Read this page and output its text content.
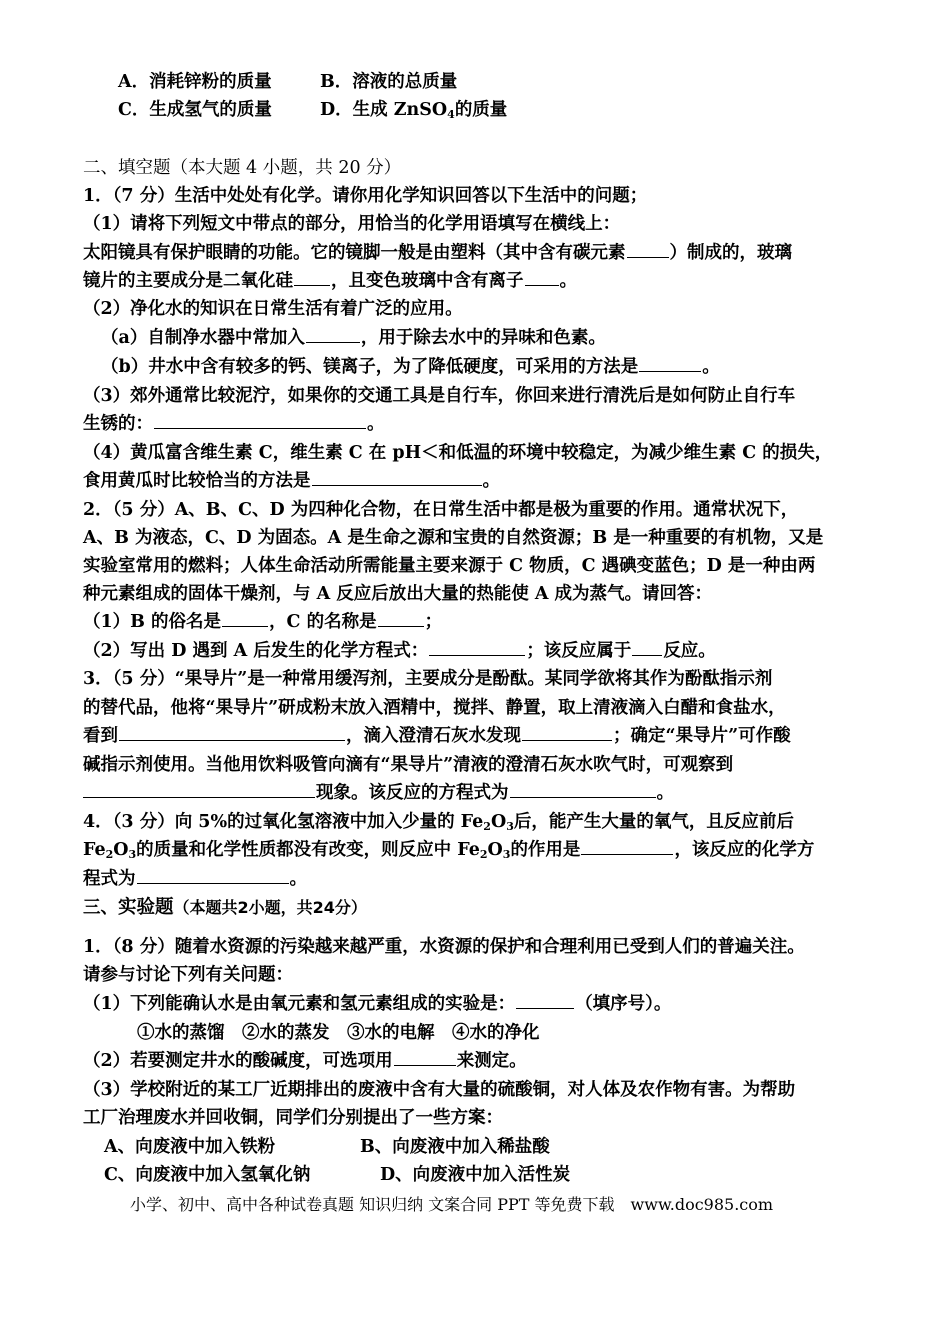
A．消耗锌粉的质量	B．溶液的总质量
C．生成氢气的质量	D．生成 ZnSO$_4$的质量
二、填空题（本大题 4 小题，共 20 分）
1．（7 分）生活中处处有化学。请你用化学知识回答以下生活中的问题；
（1）请将下列短文中带点的部分，用恰当的化学用语填写在横线上：
太阳镜具有保护眼睛的功能。它的镜脚一般是由塑料（其中含有碳元素	）制成的，玻璃
镜片的主要成分是二氧化硅 ，且变色玻璃中含有离子 。
（2）净化水的知识在日常生活有着广泛的应用。
（a）自制净水器中常加入	，用于除去水中的异味和色素。
（b）井水中含有较多的钙、镁离子，为了降低硬度，可采用的方法是	。
（3）郊外通常比较泥泞，如果你的交通工具是自行车，你回来进行清洗后是如何防止自行车
生锈的：	。
（4）黄瓜富含维生素 C，维生素 C 在 pH＜和低温的环境中较稳定，为减少维生素 C 的损失，
食用黄瓜时比较恰当的方法是	。
2．（5 分）A、B、C、D 为四种化合物，在日常生活中都是极为重要的作用。通常状况下，
A、B 为液态，C、D 为固态。A 是生命之源和宝贵的自然资源；B 是一种重要的有机物，又是
实验室常用的燃料；人体生命活动所需能量主要来源于 C 物质，C 遇碘变蓝色；D 是一种由两
种元素组成的固体干燥剂，与 A 反应后放出大量的热能使 A 成为蒸气。请回答：
（1）B 的俗名是	，C 的名称是	；
（2）写出 D 遇到 A 后发生的化学方程式：	；该反应属于 反应。
3．（5 分）“果导片”是一种常用缓泻剂，主要成分是酚酞。某同学欲将其作为酚酞指示剂
的替代品，他将“果导片”研成粉末放入酒精中，搅拌、静置，取上清液滴入白醋和食盐水，
看到	，滴入澄清石灰水发现	；确定“果导片”可作酸
碱指示剂使用。当他用饮料吸管向滴有“果导片”清液的澄清石灰水吹气时，可观察到
现象。该反应的方程式为	。
4．（3 分）向 5%的过氧化氢溶液中加入少量的 $Fe_2O_3$后，能产生大量的氧气，且反应前后
$Fe_2O_3$的质量和化学性质都没有改变，则反应中 $Fe_2O_3$的作用是	，该反应的化学方
程式为	。
三、实验题（本题共2小题，共24分）
1．（8 分）随着水资源的污染越来越严重，水资源的保护和合理利用已受到人们的普遍关注。
请参与讨论下列有关问题：
（1）下列能确认水是由氧元素和氢元素组成的实验是：	（填序号）。
①水的蒸馏　②水的蒸发　③水的电解　④水的净化
（2）若要测定井水的酸碱度，可选项用	来测定。
（3）学校附近的某工厂近期排出的废液中含有大量的硫酸铜，对人体及农作物有害。为帮助
工厂治理废水并回收铜，同学们分别提出了一些方案：
A、向废液中加入铁粉	B、向废液中加入稀盐酸
C、向废液中加入氢氧化钠	D、向废液中加入活性炭
小学、初中、高中各种试卷真题 知识归纳 文案合同 PPT 等免费下载　www.doc985.com
